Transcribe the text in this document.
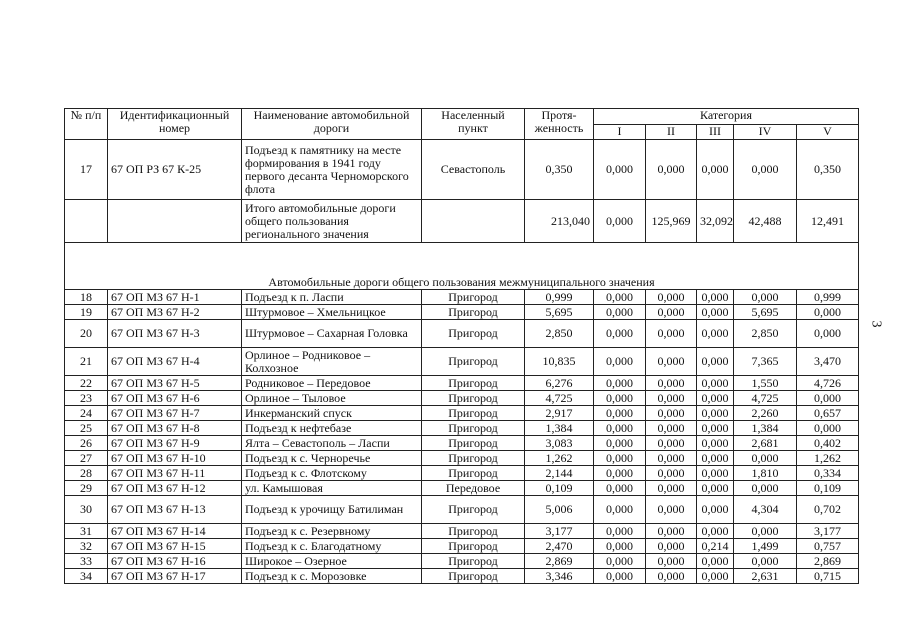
№ п/п	Идентификационный номер	Наименование автомобильной дороги	Населенный пункт	Протя-женность	Категория				
					I	II	III	IV	V
17	67 ОП РЗ 67 К-25	Подъезд к памятнику на месте формирования в 1941 году первого десанта Черноморского флота	Севастополь	0,350	0,000	0,000	0,000	0,000	0,350
		Итого автомобильные дороги общего пользования регионального значения		213,040	0,000	125,969	32,092	42,488	12,491
Автомобильные дороги общего пользования межмуниципального значения									
18	67 ОП МЗ 67 Н-1	Подъезд к п. Ласпи	Пригород	0,999	0,000	0,000	0,000	0,000	0,999
19	67 ОП МЗ 67 Н-2	Штурмовое – Хмельницкое	Пригород	5,695	0,000	0,000	0,000	5,695	0,000
20	67 ОП МЗ 67 Н-3	Штурмовое – Сахарная Головка	Пригород	2,850	0,000	0,000	0,000	2,850	0,000
21	67 ОП МЗ 67 Н-4	Орлиное – Родниковое – Колхозное	Пригород	10,835	0,000	0,000	0,000	7,365	3,470
22	67 ОП МЗ 67 Н-5	Родниковое – Передовое	Пригород	6,276	0,000	0,000	0,000	1,550	4,726
23	67 ОП МЗ 67 Н-6	Орлиное – Тыловое	Пригород	4,725	0,000	0,000	0,000	4,725	0,000
24	67 ОП МЗ 67 Н-7	Инкерманский спуск	Пригород	2,917	0,000	0,000	0,000	2,260	0,657
25	67 ОП МЗ 67 Н-8	Подъезд к нефтебазе	Пригород	1,384	0,000	0,000	0,000	1,384	0,000
26	67 ОП МЗ 67 Н-9	Ялта – Севастополь – Ласпи	Пригород	3,083	0,000	0,000	0,000	2,681	0,402
27	67 ОП МЗ 67 Н-10	Подъезд к с. Черноречье	Пригород	1,262	0,000	0,000	0,000	0,000	1,262
28	67 ОП МЗ 67 Н-11	Подъезд к с. Флотскому	Пригород	2,144	0,000	0,000	0,000	1,810	0,334
29	67 ОП МЗ 67 Н-12	ул. Камышовая	Передовое	0,109	0,000	0,000	0,000	0,000	0,109
30	67 ОП МЗ 67 Н-13	Подъезд к урочищу Батилиман	Пригород	5,006	0,000	0,000	0,000	4,304	0,702
31	67 ОП МЗ 67 Н-14	Подъезд к с. Резервному	Пригород	3,177	0,000	0,000	0,000	0,000	3,177
32	67 ОП МЗ 67 Н-15	Подъезд к с. Благодатному	Пригород	2,470	0,000	0,000	0,214	1,499	0,757
33	67 ОП МЗ 67 Н-16	Широкое – Озерное	Пригород	2,869	0,000	0,000	0,000	0,000	2,869
34	67 ОП МЗ 67 Н-17	Подъезд к с. Морозовке	Пригород	3,346	0,000	0,000	0,000	2,631	0,715
3
